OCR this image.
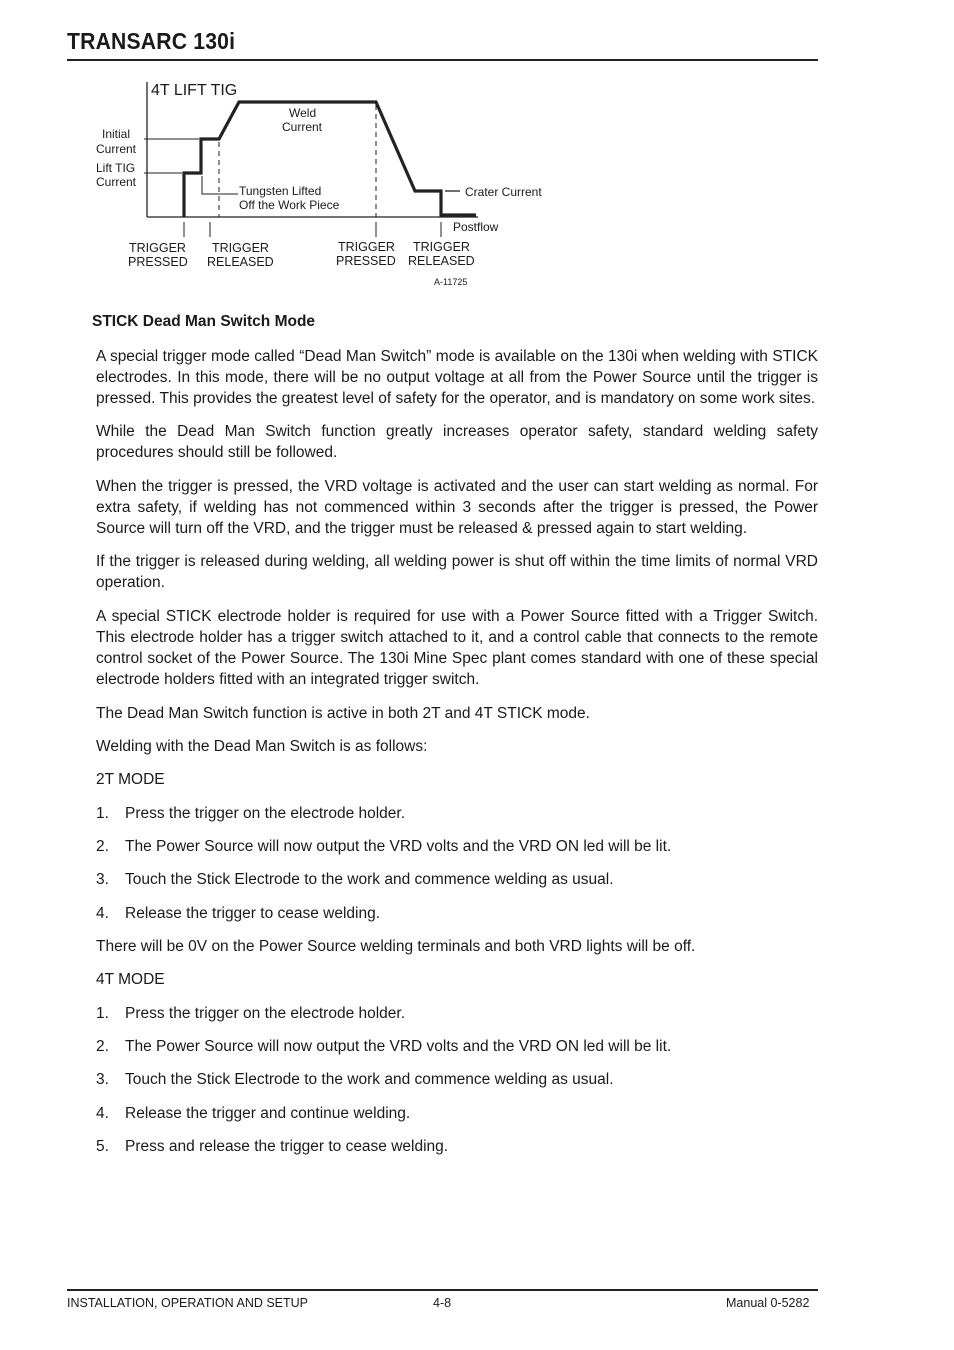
TRANSARC 130i
4T LIFT TIG
Initial
Current
Lift TIG
Current
Weld
Current
Tungsten Lifted
Off the Work Piece
Crater Current
Postflow
TRIGGER
PRESSED
TRIGGER
RELEASED
TRIGGER
PRESSED
TRIGGER
RELEASED
A-11725
STICK Dead Man Switch Mode

A special trigger mode called “Dead Man Switch” mode is available on the 130i when welding with STICK electrodes. In this mode, there will be no output voltage at all from the Power Source until the trigger is pressed. This provides the greatest level of safety for the operator, and is mandatory on some work sites.

While the Dead Man Switch function greatly increases operator safety, standard welding safety procedures should still be followed.

When the trigger is pressed, the VRD voltage is activated and the user can start welding as normal. For extra safety, if welding has not commenced within 3 seconds after the trigger is pressed, the Power Source will turn off the VRD, and the trigger must be released & pressed again to start welding.

If the trigger is released during welding, all welding power is shut off within the time limits of normal VRD operation.

A special STICK electrode holder is required for use with a Power Source fitted with a Trigger Switch. This electrode holder has a trigger switch attached to it, and a control cable that connects to the remote control socket of the Power Source. The 130i Mine Spec plant comes standard with one of these special electrode holders fitted with an integrated trigger switch.

The Dead Man Switch function is active in both 2T and 4T STICK mode.

Welding with the Dead Man Switch is as follows:

2T MODE

1. Press the trigger on the electrode holder.

2. The Power Source will now output the VRD volts and the VRD ON led will be lit.

3. Touch the Stick Electrode to the work and commence welding as usual.

4. Release the trigger to cease welding.

There will be 0V on the Power Source welding terminals and both VRD lights will be off.

4T MODE

1. Press the trigger on the electrode holder.

2. The Power Source will now output the VRD volts and the VRD ON led will be lit.

3. Touch the Stick Electrode to the work and commence welding as usual.

4. Release the trigger and continue welding.

5. Press and release the trigger to cease welding.

INSTALLATION, OPERATION AND SETUP	4-8	Manual 0-5282
